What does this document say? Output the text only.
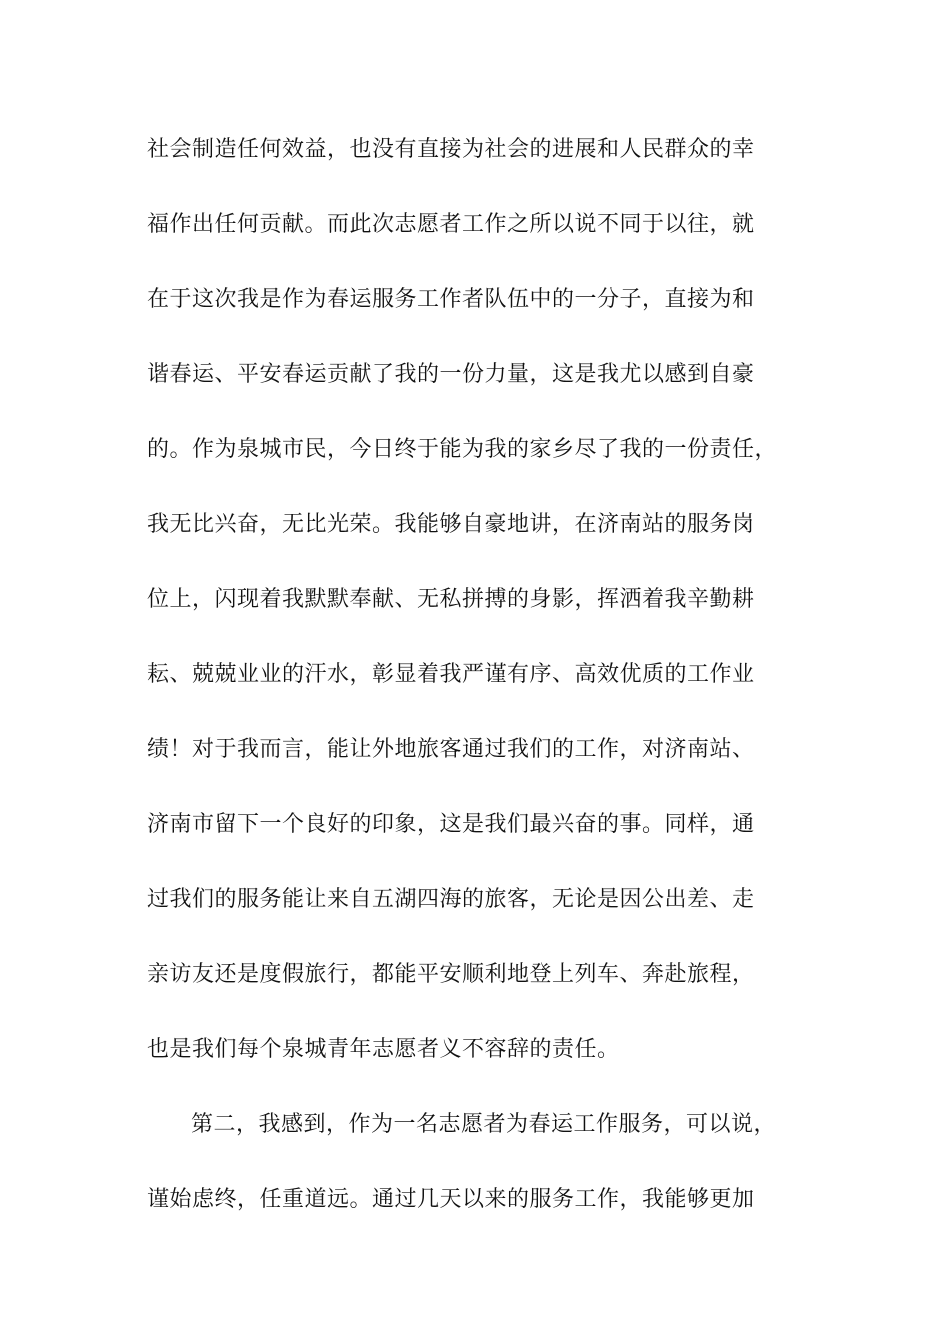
社会制造任何效益，也没有直接为社会的进展和人民群众的幸

福作出任何贡献。而此次志愿者工作之所以说不同于以往，就

在于这次我是作为春运服务工作者队伍中的一分子，直接为和

谐春运、平安春运贡献了我的一份力量，这是我尤以感到自豪

的。作为泉城市民，今日终于能为我的家乡尽了我的一份责任，

我无比兴奋，无比光荣。我能够自豪地讲，在济南站的服务岗

位上，闪现着我默默奉献、无私拼搏的身影，挥洒着我辛勤耕

耘、兢兢业业的汗水，彰显着我严谨有序、高效优质的工作业

绩！对于我而言，能让外地旅客通过我们的工作，对济南站、

济南市留下一个良好的印象，这是我们最兴奋的事。同样，通

过我们的服务能让来自五湖四海的旅客，无论是因公出差、走

亲访友还是度假旅行，都能平安顺利地登上列车、奔赴旅程，

也是我们每个泉城青年志愿者义不容辞的责任。

第二，我感到，作为一名志愿者为春运工作服务，可以说，

谨始虑终，任重道远。通过几天以来的服务工作，我能够更加
